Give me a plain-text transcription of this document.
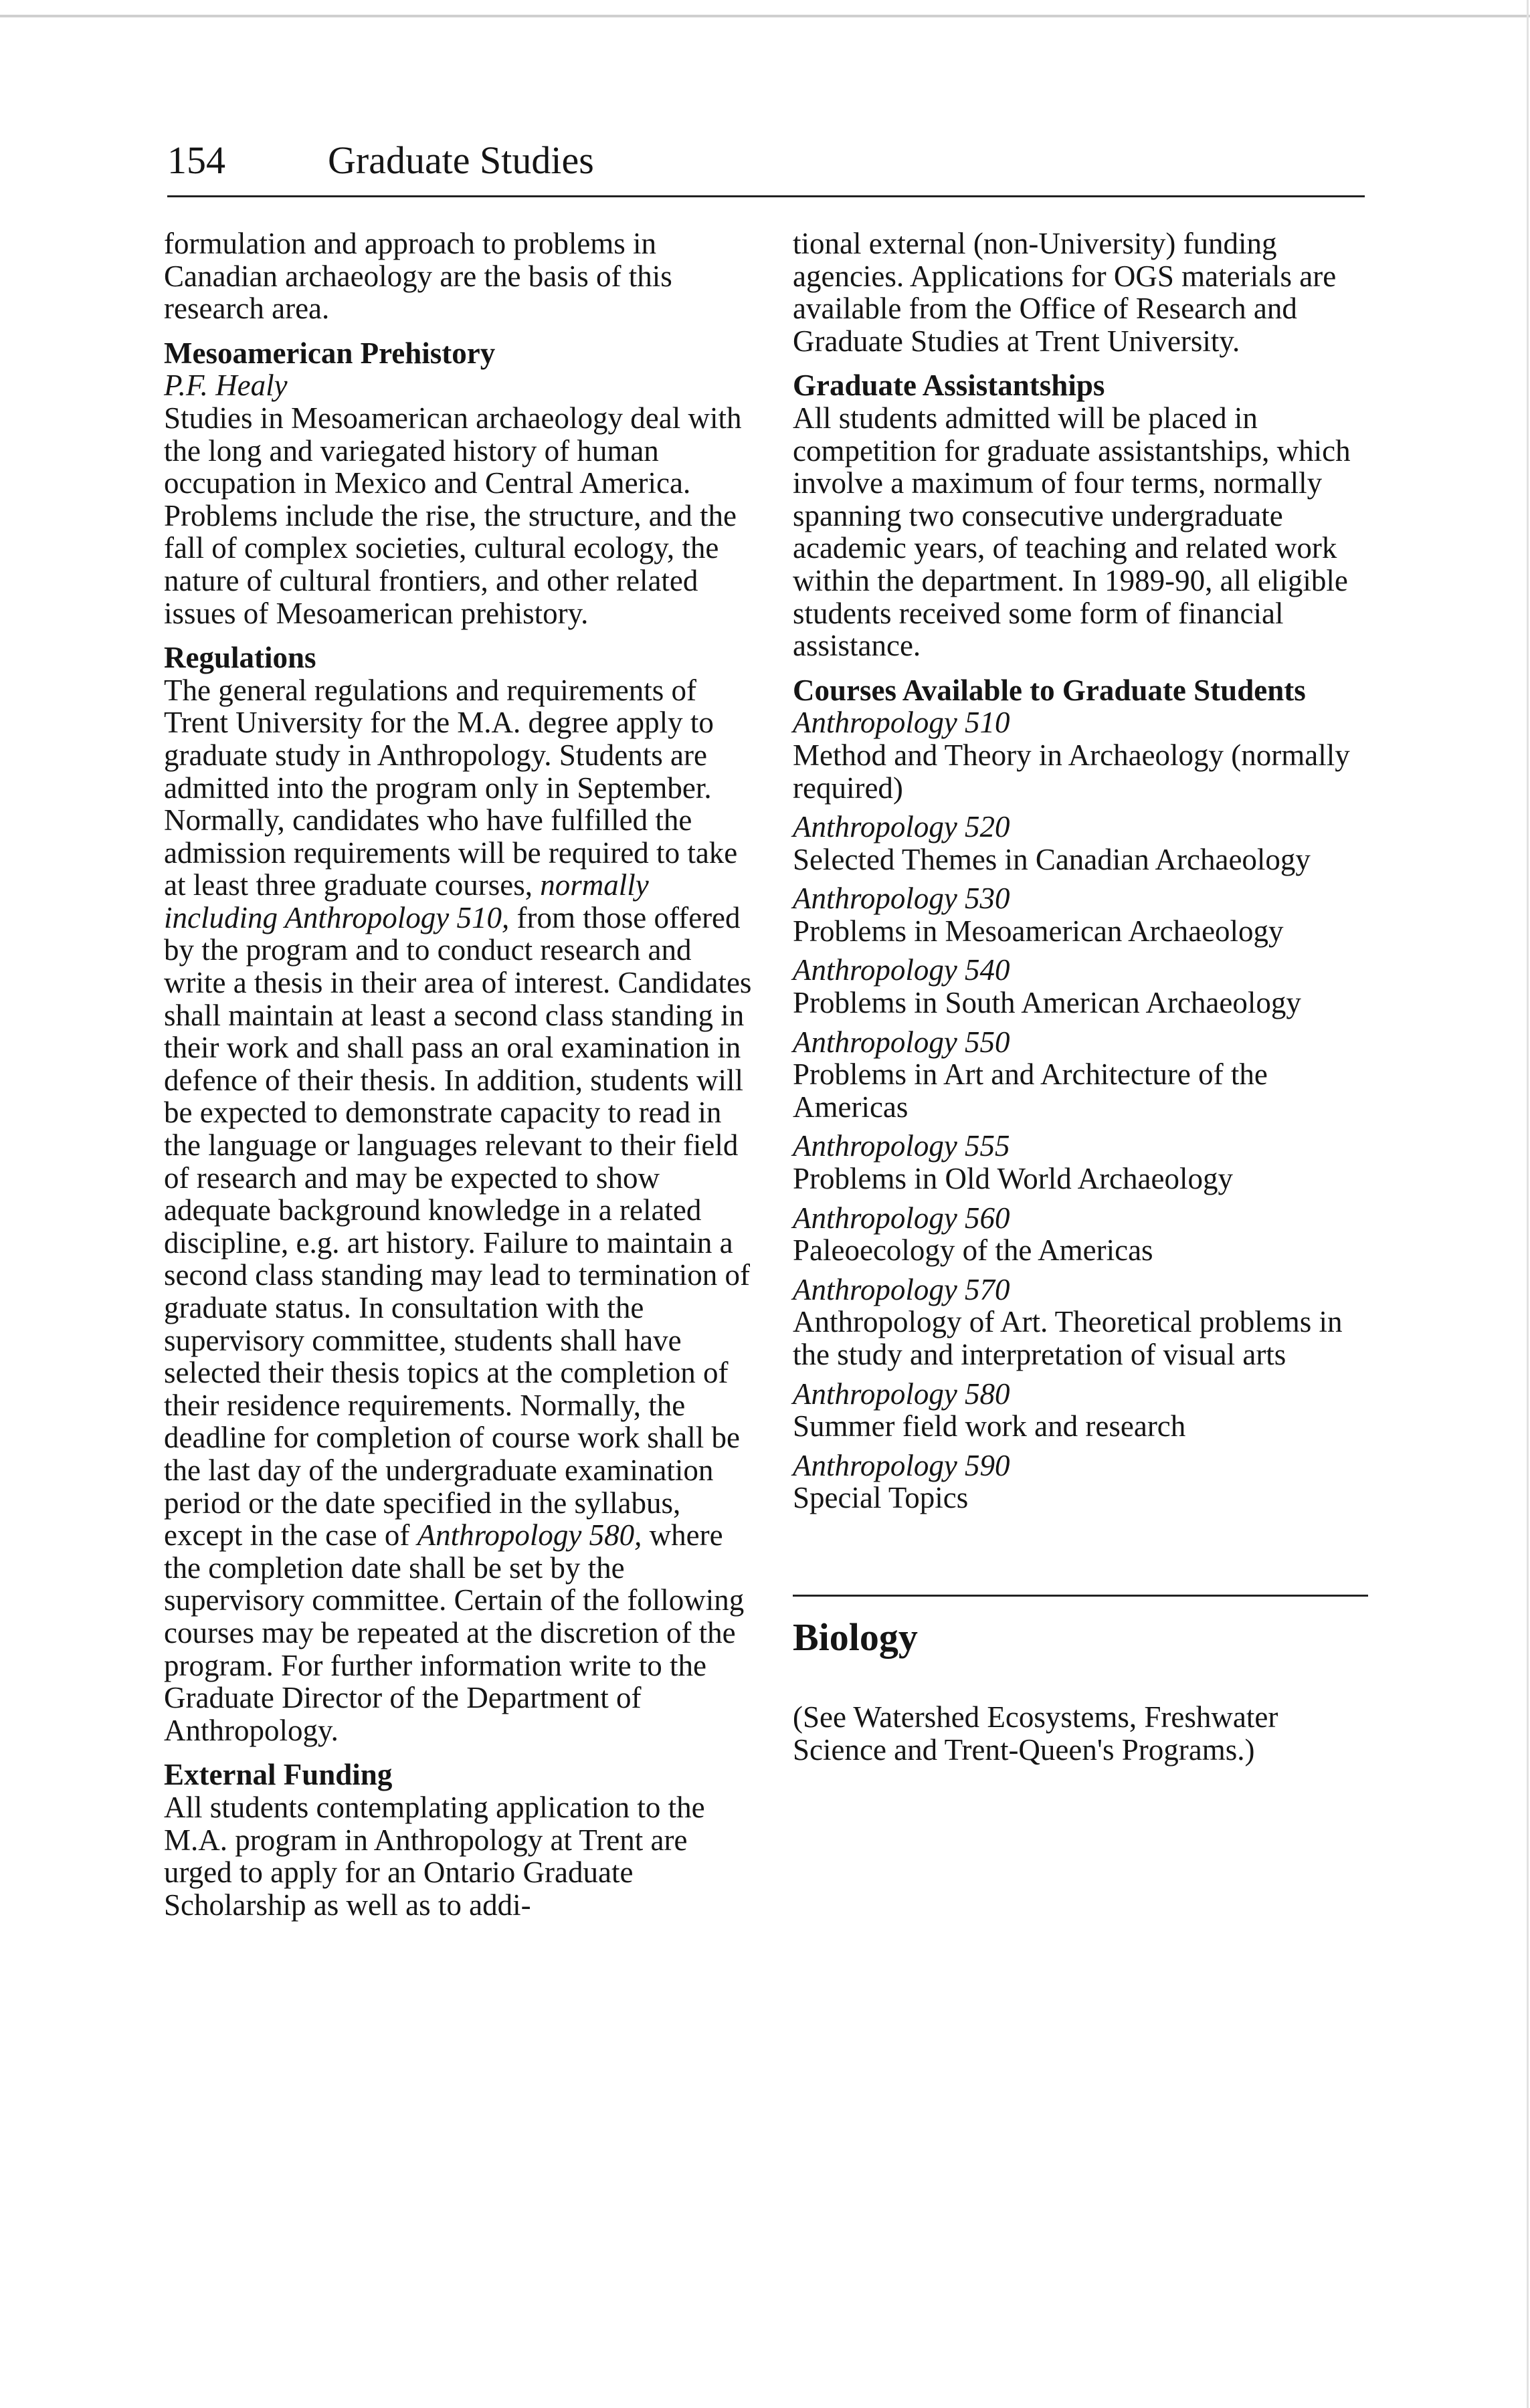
154	Graduate Studies

formulation and approach to problems in Canadian archaeology are the basis of this research area.

Mesoamerican Prehistory

P.F. Healy

Studies in Mesoamerican archaeology deal with the long and variegated history of human occupation in Mexico and Central America. Problems include the rise, the structure, and the fall of complex societies, cultural ecology, the nature of cultural frontiers, and other related issues of Mesoamerican prehistory.

Regulations

The general regulations and requirements of Trent University for the M.A. degree apply to graduate study in Anthropology. Students are admitted into the program only in September. Normally, candidates who have fulfilled the admission requirements will be required to take at least three graduate courses, normally including Anthropology 510, from those offered by the program and to conduct research and write a thesis in their area of interest. Candidates shall maintain at least a second class standing in their work and shall pass an oral examination in defence of their thesis. In addition, students will be expected to demonstrate capacity to read in the language or languages relevant to their field of research and may be expected to show adequate background knowledge in a related discipline, e.g. art history. Failure to maintain a second class standing may lead to termination of graduate status. In consultation with the supervisory committee, students shall have selected their thesis topics at the completion of their residence requirements. Normally, the deadline for completion of course work shall be the last day of the undergraduate examination period or the date specified in the syllabus, except in the case of Anthropology 580, where the completion date shall be set by the supervisory committee. Certain of the following courses may be repeated at the discretion of the program. For further information write to the Graduate Director of the Department of Anthropology.

External Funding

All students contemplating application to the M.A. program in Anthropology at Trent are urged to apply for an Ontario Graduate Scholarship as well as to addi-

tional external (non-University) funding agencies. Applications for OGS materials are available from the Office of Research and Graduate Studies at Trent University.

Graduate Assistantships

All students admitted will be placed in competition for graduate assistantships, which involve a maximum of four terms, normally spanning two consecutive undergraduate academic years, of teaching and related work within the department. In 1989-90, all eligible students received some form of financial assistance.

Courses Available to Graduate Students

Anthropology 510

Method and Theory in Archaeology (normally required)

Anthropology 520

Selected Themes in Canadian Archaeology

Anthropology 530

Problems in Mesoamerican Archaeology

Anthropology 540

Problems in South American Archaeology

Anthropology 550

Problems in Art and Architecture of the Americas

Anthropology 555

Problems in Old World Archaeology

Anthropology 560

Paleoecology of the Americas

Anthropology 570

Anthropology of Art. Theoretical problems in the study and interpretation of visual arts

Anthropology 580

Summer field work and research

Anthropology 590

Special Topics

Biology

(See Watershed Ecosystems, Freshwater Science and Trent-Queen's Programs.)
